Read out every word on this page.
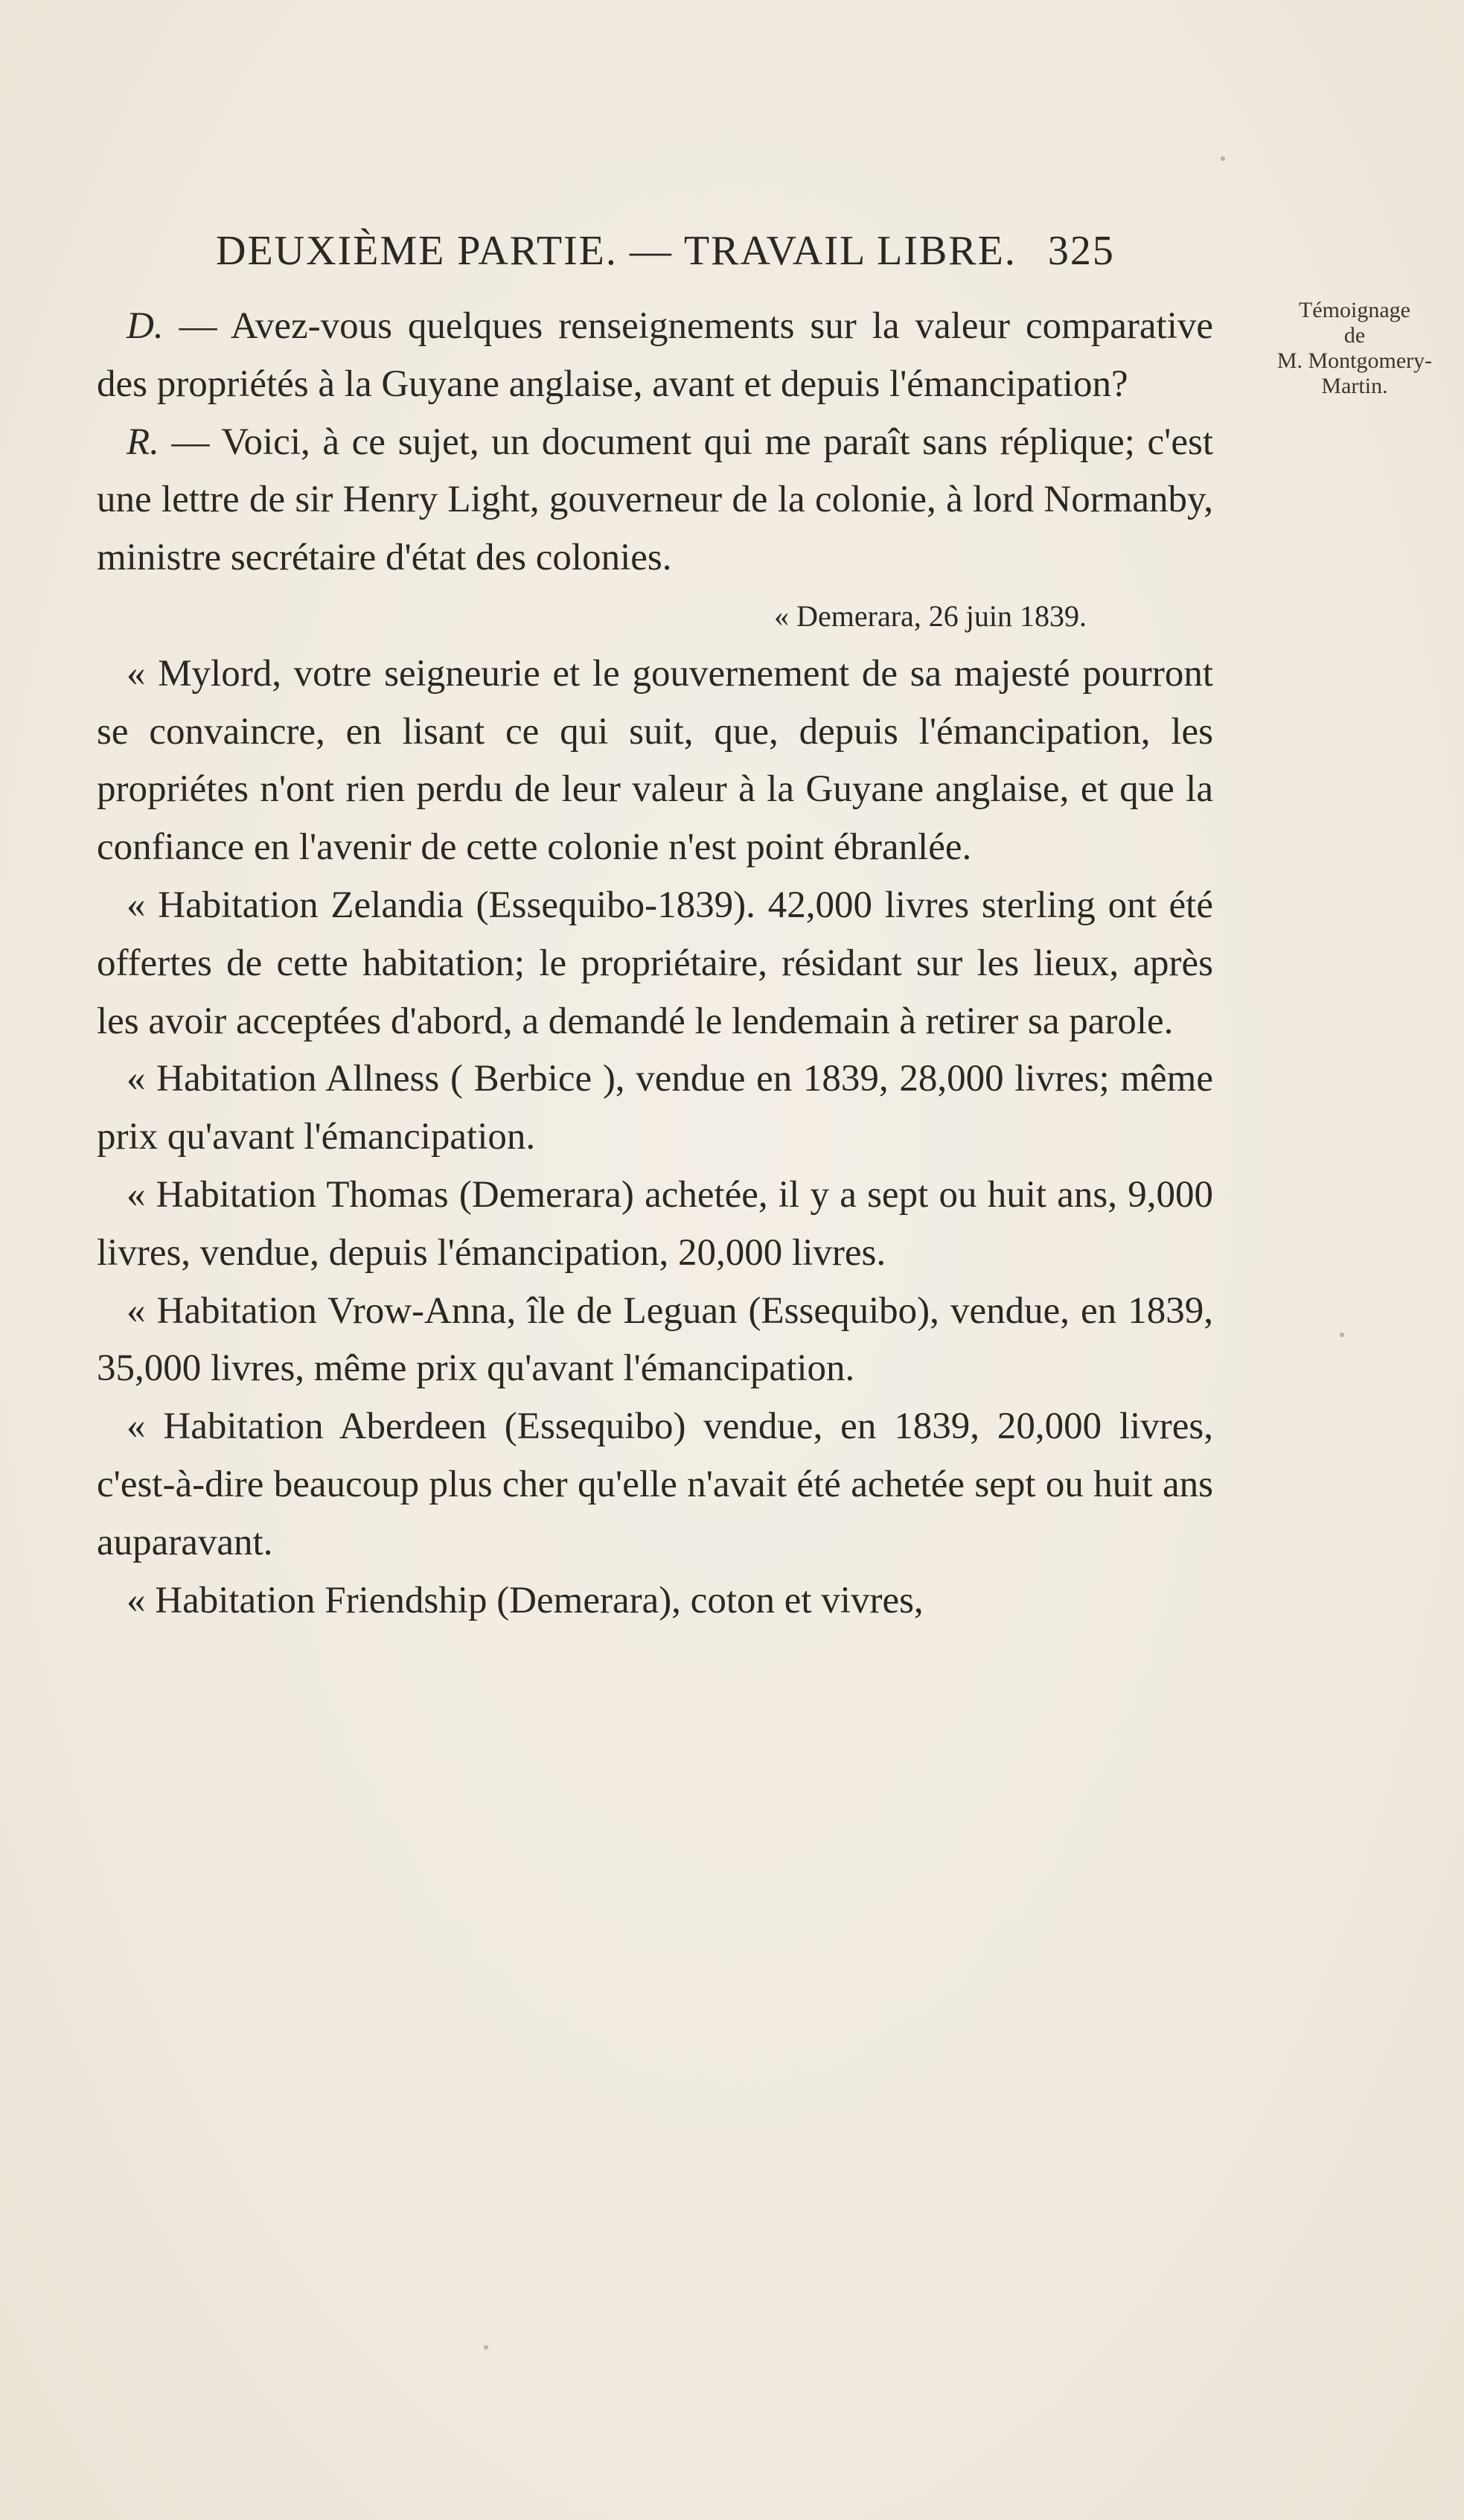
DEUXIÈME PARTIE. — TRAVAIL LIBRE. 325
Témoignage
de
M. Montgomery-
Martin.

D. — Avez-vous quelques renseignements sur la valeur comparative des propriétés à la Guyane anglaise, avant et depuis l'émancipation?

R. — Voici, à ce sujet, un document qui me paraît sans réplique; c'est une lettre de sir Henry Light, gouverneur de la colonie, à lord Normanby, ministre secrétaire d'état des colonies.

« Demerara, 26 juin 1839.

« Mylord, votre seigneurie et le gouvernement de sa majesté pourront se convaincre, en lisant ce qui suit, que, depuis l'émancipation, les propriétes n'ont rien perdu de leur valeur à la Guyane anglaise, et que la confiance en l'avenir de cette colonie n'est point ébranlée.

« Habitation Zelandia (Essequibo-1839). 42,000 livres sterling ont été offertes de cette habitation; le propriétaire, résidant sur les lieux, après les avoir acceptées d'abord, a demandé le lendemain à retirer sa parole.

« Habitation Allness ( Berbice ), vendue en 1839, 28,000 livres; même prix qu'avant l'émancipation.

« Habitation Thomas (Demerara) achetée, il y a sept ou huit ans, 9,000 livres, vendue, depuis l'émancipation, 20,000 livres.

« Habitation Vrow-Anna, île de Leguan (Essequibo), vendue, en 1839, 35,000 livres, même prix qu'avant l'émancipation.

« Habitation Aberdeen (Essequibo) vendue, en 1839, 20,000 livres, c'est-à-dire beaucoup plus cher qu'elle n'avait été achetée sept ou huit ans auparavant.

« Habitation Friendship (Demerara), coton et vivres,
